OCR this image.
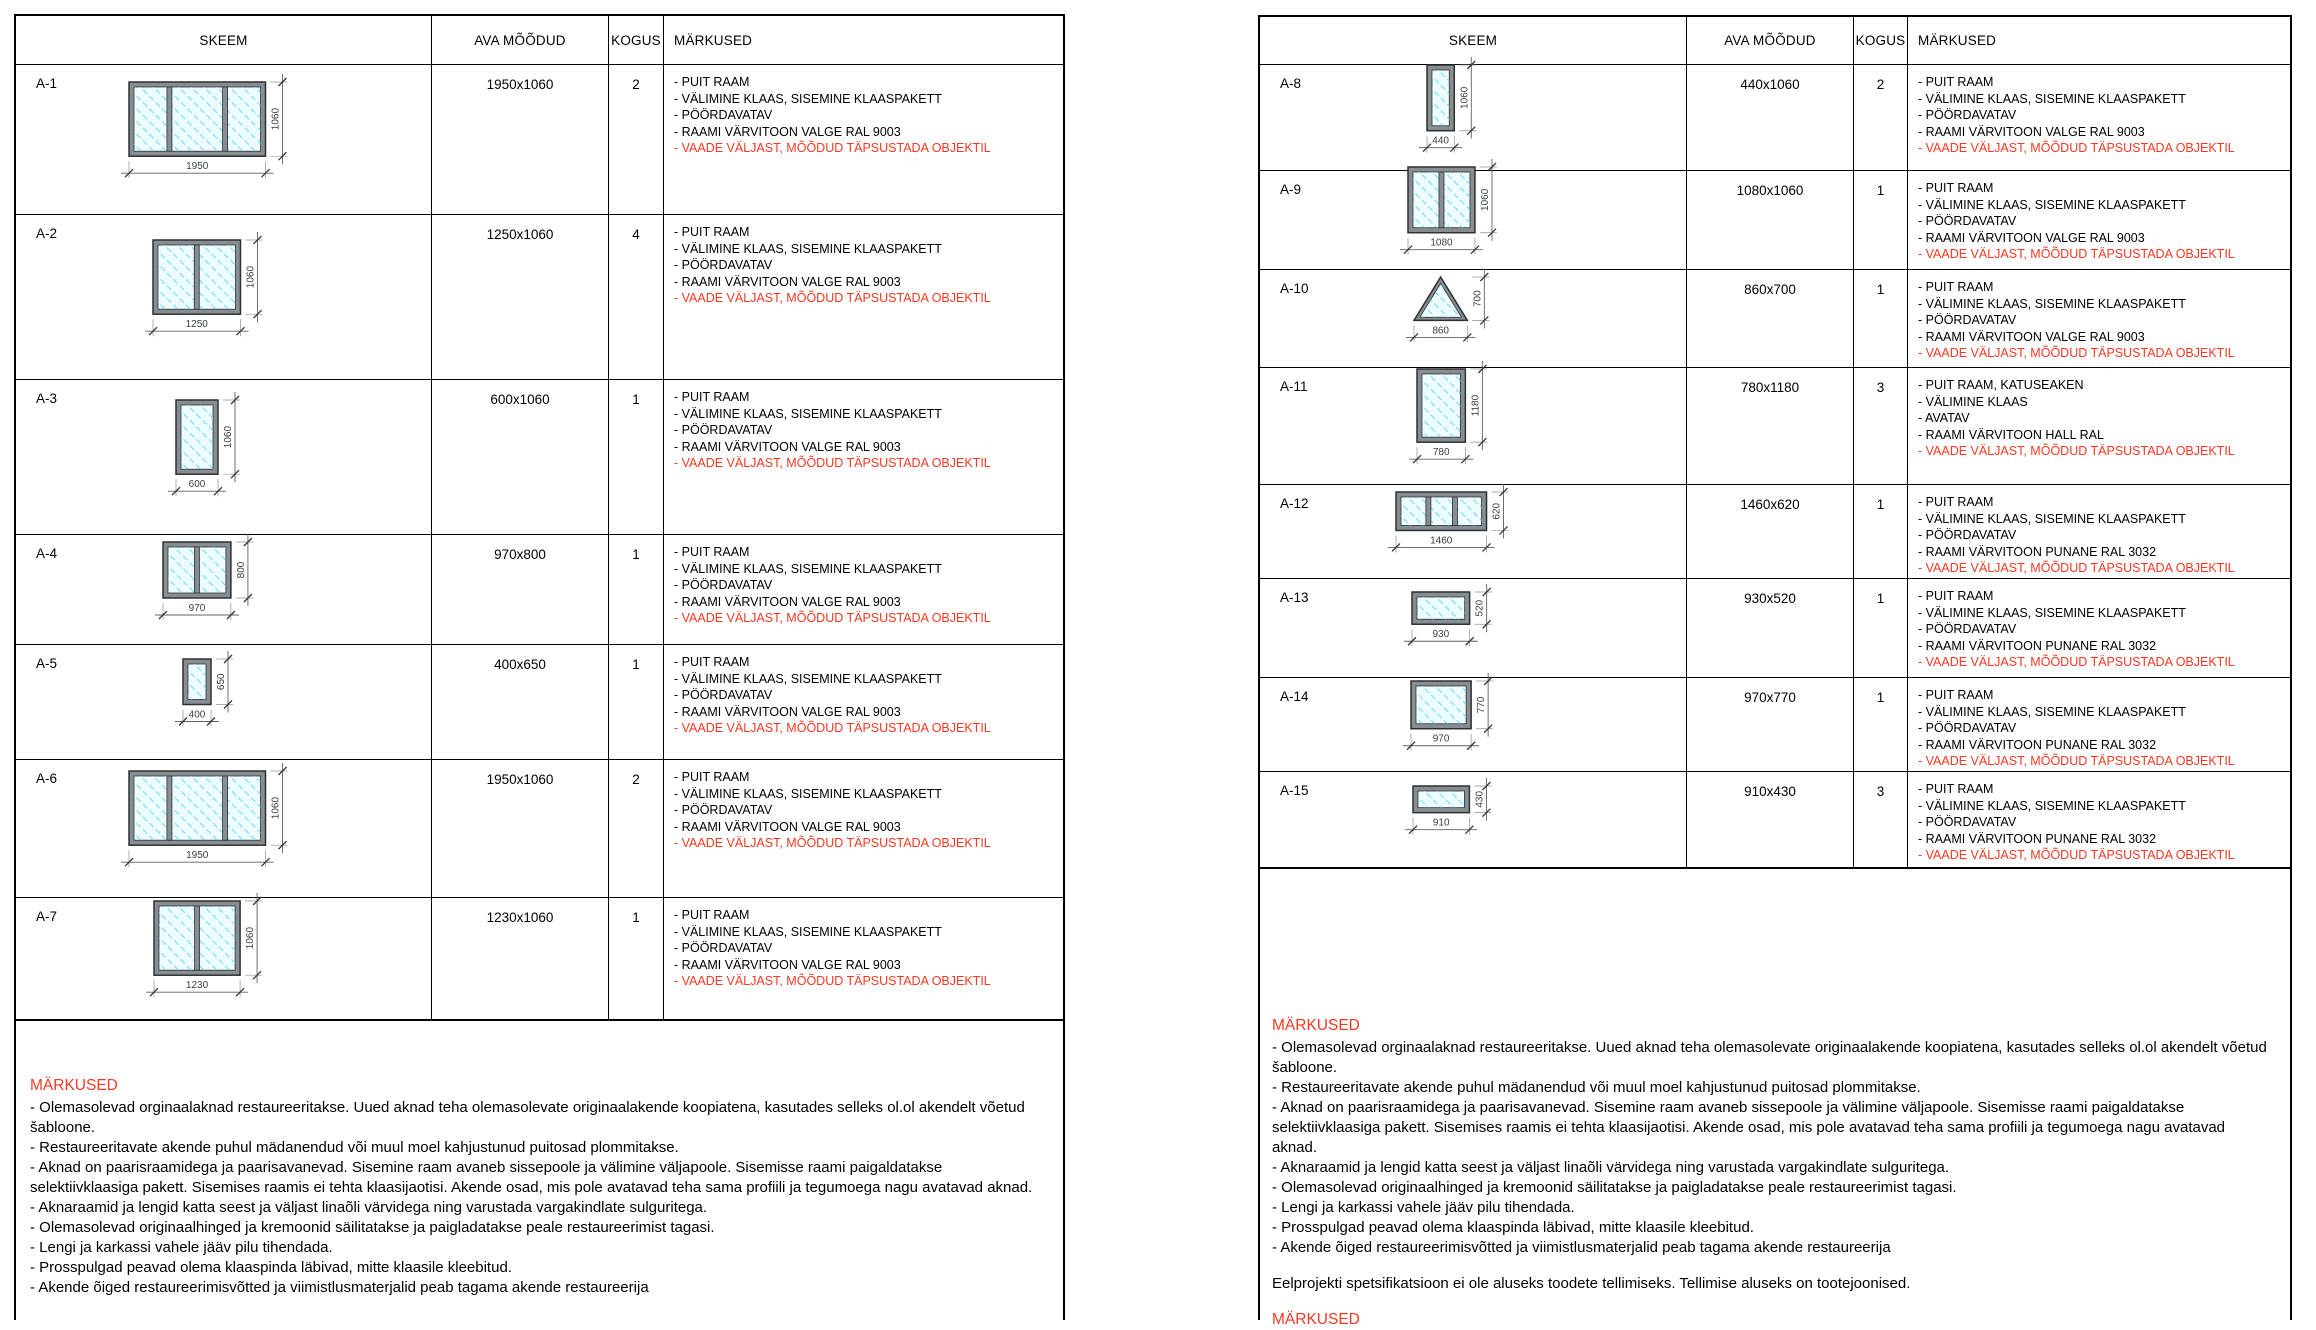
SKEEM	AVA MÕÕDUD	KOGUS MÄRKUSED
A-1
1950
1060
1950x1060	2	- PUIT RAAM
- VÄLIMINE KLAAS, SISEMINE KLAASPAKETT
- PÖÖRDAVATAV
- RAAMI VÄRVITOON VALGE RAL 9003
- VAADE VÄLJAST, MÕÕDUD TÄPSUSTADA OBJEKTIL
A-2
1250
1060
1250x1060	4	- PUIT RAAM
- VÄLIMINE KLAAS, SISEMINE KLAASPAKETT
- PÖÖRDAVATAV
- RAAMI VÄRVITOON VALGE RAL 9003
- VAADE VÄLJAST, MÕÕDUD TÄPSUSTADA OBJEKTIL
A-3
600
1060
600x1060	1	- PUIT RAAM
- VÄLIMINE KLAAS, SISEMINE KLAASPAKETT
- PÖÖRDAVATAV
- RAAMI VÄRVITOON VALGE RAL 9003
- VAADE VÄLJAST, MÕÕDUD TÄPSUSTADA OBJEKTIL
A-4
970
800
970x800	1	- PUIT RAAM
- VÄLIMINE KLAAS, SISEMINE KLAASPAKETT
- PÖÖRDAVATAV
- RAAMI VÄRVITOON VALGE RAL 9003
- VAADE VÄLJAST, MÕÕDUD TÄPSUSTADA OBJEKTIL
A-5
400
650
400x650	1	- PUIT RAAM
- VÄLIMINE KLAAS, SISEMINE KLAASPAKETT
- PÖÖRDAVATAV
- RAAMI VÄRVITOON VALGE RAL 9003
- VAADE VÄLJAST, MÕÕDUD TÄPSUSTADA OBJEKTIL
A-6
1950
1060
1950x1060	2	- PUIT RAAM
- VÄLIMINE KLAAS, SISEMINE KLAASPAKETT
- PÖÖRDAVATAV
- RAAMI VÄRVITOON VALGE RAL 9003
- VAADE VÄLJAST, MÕÕDUD TÄPSUSTADA OBJEKTIL
A-7
1230
1060
1230x1060	1	- PUIT RAAM
- VÄLIMINE KLAAS, SISEMINE KLAASPAKETT
- PÖÖRDAVATAV
- RAAMI VÄRVITOON VALGE RAL 9003
- VAADE VÄLJAST, MÕÕDUD TÄPSUSTADA OBJEKTIL
SKEEM	AVA MÕÕDUD	KOGUS MÄRKUSED
A-8
440
1060
440x1060	2	- PUIT RAAM
- VÄLIMINE KLAAS, SISEMINE KLAASPAKETT
- PÖÖRDAVATAV
- RAAMI VÄRVITOON VALGE RAL 9003
- VAADE VÄLJAST, MÕÕDUD TÄPSUSTADA OBJEKTIL
A-9
1080
1060	1080x1060	1	- PUIT RAAM
- VÄLIMINE KLAAS, SISEMINE KLAASPAKETT
- PÖÖRDAVATAV
- RAAMI VÄRVITOON VALGE RAL 9003
- VAADE VÄLJAST, MÕÕDUD TÄPSUSTADA OBJEKTIL
A-10
860
700
860x700	1	- PUIT RAAM
- VÄLIMINE KLAAS, SISEMINE KLAASPAKETT
- PÖÖRDAVATAV
- RAAMI VÄRVITOON VALGE RAL 9003
- VAADE VÄLJAST, MÕÕDUD TÄPSUSTADA OBJEKTIL
A-11
780
1180
780x1180	3	- PUIT RAAM, KATUSEAKEN
- VÄLIMINE KLAAS
- AVATAV
- RAAMI VÄRVITOON HALL RAL
- VAADE VÄLJAST, MÕÕDUD TÄPSUSTADA OBJEKTIL
A-12
1460
620	1460x620	1	- PUIT RAAM
- VÄLIMINE KLAAS, SISEMINE KLAASPAKETT
- PÖÖRDAVATAV
- RAAMI VÄRVITOON PUNANE RAL 3032
- VAADE VÄLJAST, MÕÕDUD TÄPSUSTADA OBJEKTIL
A-13
930
520
930x520	1	- PUIT RAAM
- VÄLIMINE KLAAS, SISEMINE KLAASPAKETT
- PÖÖRDAVATAV
- RAAMI VÄRVITOON PUNANE RAL 3032
- VAADE VÄLJAST, MÕÕDUD TÄPSUSTADA OBJEKTIL
A-14
970
770	970x770	1	- PUIT RAAM
- VÄLIMINE KLAAS, SISEMINE KLAASPAKETT
- PÖÖRDAVATAV
- RAAMI VÄRVITOON PUNANE RAL 3032
- VAADE VÄLJAST, MÕÕDUD TÄPSUSTADA OBJEKTIL
A-15
910
430	910x430	3	- PUIT RAAM
- VÄLIMINE KLAAS, SISEMINE KLAASPAKETT
- PÖÖRDAVATAV
- RAAMI VÄRVITOON PUNANE RAL 3032
- VAADE VÄLJAST, MÕÕDUD TÄPSUSTADA OBJEKTIL
MÄRKUSED
- Olemasolevad orginaalaknad restaureeritakse. Uued aknad teha olemasolevate originaalakende koopiatena, kasutades selleks ol.ol akendelt võetud šabloone.
- Restaureeritavate akende puhul mädanendud või muul moel kahjustunud puitosad plommitakse.
- Aknad on paarisraamidega ja paarisavanevad. Sisemine raam avaneb sissepoole ja välimine väljapoole. Sisemisse raami paigaldatakse selektiivklaasiga pakett. Sisemises raamis ei tehta klaasijaotisi. Akende osad, mis pole avatavad teha sama profiili ja tegumoega nagu avatavad aknad.
- Aknaraamid ja lengid katta seest ja väljast linaõli värvidega ning varustada vargakindlate sulguritega.
- Olemasolevad originaalhinged ja kremoonid säilitatakse ja paigladatakse peale restaureerimist tagasi.
- Lengi ja karkassi vahele jääv pilu tihendada.
- Prosspulgad peavad olema klaaspinda läbivad, mitte klaasile kleebitud.
- Akende õiged restaureerimisvõtted ja viimistlusmaterjalid peab tagama akende restaureerija
MÄRKUSED
- Olemasolevad orginaalaknad restaureeritakse. Uued aknad teha olemasolevate originaalakende koopiatena, kasutades selleks ol.ol akendelt võetud šabloone.
- Restaureeritavate akende puhul mädanendud või muul moel kahjustunud puitosad plommitakse.
- Aknad on paarisraamidega ja paarisavanevad. Sisemine raam avaneb sissepoole ja välimine väljapoole. Sisemisse raami paigaldatakse selektiivklaasiga pakett. Sisemises raamis ei tehta klaasijaotisi. Akende osad, mis pole avatavad teha sama profiili ja tegumoega nagu avatavad aknad.
- Aknaraamid ja lengid katta seest ja väljast linaõli värvidega ning varustada vargakindlate sulguritega.
- Olemasolevad originaalhinged ja kremoonid säilitatakse ja paigladatakse peale restaureerimist tagasi.
- Lengi ja karkassi vahele jääv pilu tihendada.
- Prosspulgad peavad olema klaaspinda läbivad, mitte klaasile kleebitud.
- Akende õiged restaureerimisvõtted ja viimistlusmaterjalid peab tagama akende restaureerija
Eelprojekti spetsifikatsioon ei ole aluseks toodete tellimiseks. Tellimise aluseks on tootejoonised.
MÄRKUSED
